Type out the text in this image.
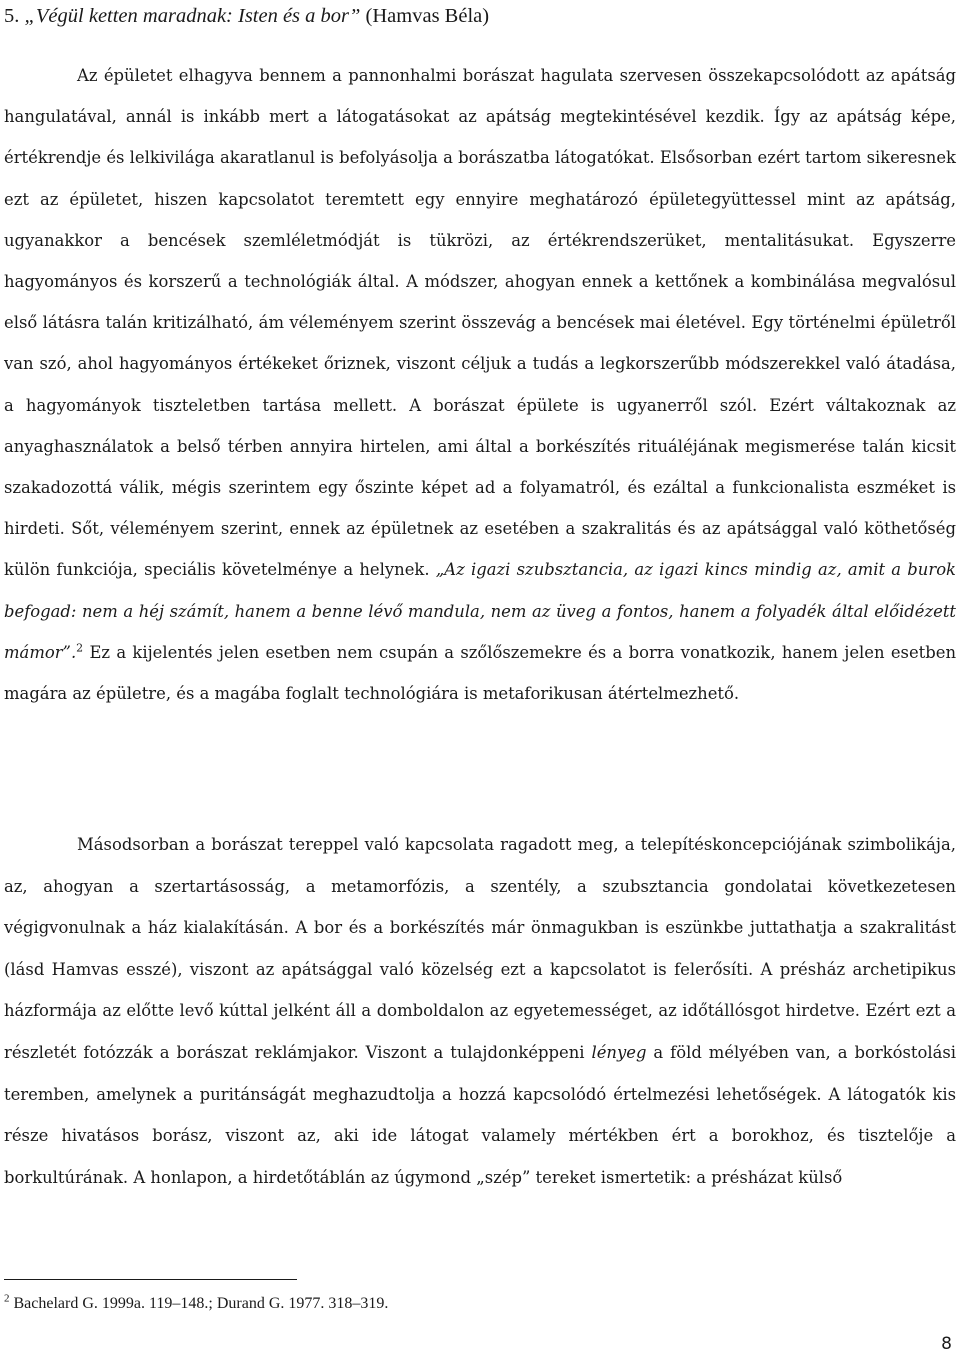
5. „Végül ketten maradnak: Isten és a bor” (Hamvas Béla)

Az épületet elhagyva bennem a pannonhalmi borászat hagulata szervesen összekapcsolódott az apátság hangulatával, annál is inkább mert a látogatásokat az apátság megtekintésével kezdik. Így az apátság képe, értékrendje és lelkivilága akaratlanul is befolyásolja a borászatba látogatókat. Elsősorban ezért tartom sikeresnek ezt az épületet, hiszen kapcsolatot teremtett egy ennyire meghatározó épületegyüttessel mint az apátság, ugyanakkor a bencések szemléletmódját is tükrözi, az értékrendszerüket, mentalitásukat. Egyszerre hagyományos és korszerű a technológiák által. A módszer, ahogyan ennek a kettőnek a kombinálása megvalósul első látásra talán kritizálható, ám véleményem szerint összevág a bencések mai életével. Egy történelmi épületről van szó, ahol hagyományos értékeket őriznek, viszont céljuk a tudás a legkorszerűbb módszerekkel való átadása, a hagyományok tiszteletben tartása mellett. A borászat épülete is ugyanerről szól. Ezért váltakoznak az anyaghasználatok a belső térben annyira hirtelen, ami által a borkészítés rituáléjának megismerése talán kicsit szakadozottá válik, mégis szerintem egy őszinte képet ad a folyamatról, és ezáltal a funkcionalista eszméket is hirdeti. Sőt, véleményem szerint, ennek az épületnek az esetében a szakralitás és az apátsággal való köthetőség külön funkciója, speciális követelménye a helynek. „Az igazi szubsztancia, az igazi kincs mindig az, amit a burok befogad: nem a héj számít, hanem a benne lévő mandula, nem az üveg a fontos, hanem a folyadék által előidézett mámor”.$^2$ Ez a kijelentés jelen esetben nem csupán a szőlőszemekre és a borra vonatkozik, hanem jelen esetben magára az épületre, és a magába foglalt technológiára is metaforikusan átértelmezhető.

Másodsorban a borászat tereppel való kapcsolata ragadott meg, a telepítéskoncepciójának szimbolikája, az, ahogyan a szertartásosság, a metamorfózis, a szentély, a szubsztancia gondolatai következetesen végigvonulnak a ház kialakításán. A bor és a borkészítés már önmagukban is eszünkbe juttathatja a szakralitást (lásd Hamvas esszé), viszont az apátsággal való közelség ezt a kapcsolatot is felerősíti. A présház archetipikus házformája az előtte levő kúttal jelként áll a domboldalon az egyetemességet, az időtállósgot hirdetve. Ezért ezt a részletét fotózzák a borászat reklámjakor. Viszont a tulajdonképpeni lényeg a föld mélyében van, a borkóstolási teremben, amelynek a puritánságát meghazudtolja a hozzá kapcsolódó értelmezési lehetőségek. A látogatók kis része hivatásos borász, viszont az, aki ide látogat valamely mértékben ért a borokhoz, és tisztelője a borkultúrának. A honlapon, a hirdetőtáblán az úgymond „szép” tereket ismertetik: a présházat külső

$^2$ Bachelard G. 1999a. 119–148.; Durand G. 1977. 318–319.
8
